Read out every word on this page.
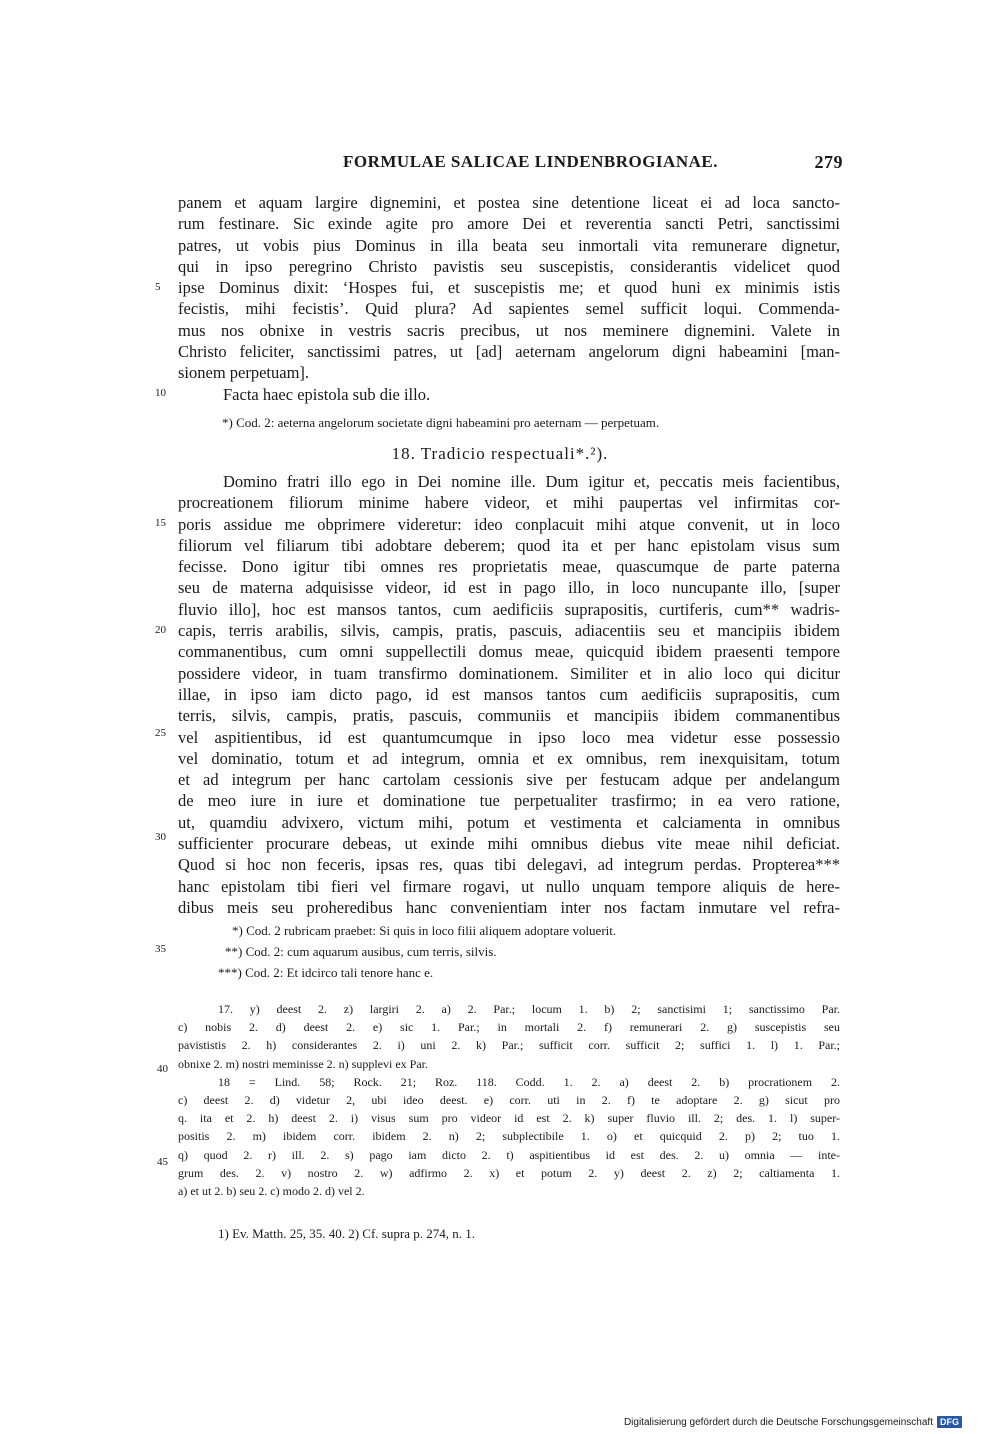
FORMULAE SALICAE LINDENBROGIANAE.	279
panem et aquam largire dignemini, et postea sine detentione liceat ei ad loca sancto-
rum festinare. Sic exinde agite pro amore Dei et reverentia sancti Petri, sanctissimi
patres, ut vobis pius Dominus in illa beata seu inmortali vita remunerare dignetur,
qui in ipso peregrino Christo pavistis seu suscepistis, considerantis videlicet quod
ipse Dominus dixit: ‘Hospes fui, et suscepistis me; et quod huni ex minimis istis
fecistis, mihi fecistis’. Quid plura? Ad sapientes semel sufficit loqui. Commenda-
mus nos obnixe in vestris sacris precibus, ut nos meminere dignemini. Valete in
Christo feliciter, sanctissimi patres, ut [ad] aeternam angelorum digni habeamini [man-
sionem perpetuam].
Facta haec epistola sub die illo.
5
10
*) Cod. 2: aeterna angelorum societate digni habeamini pro aeternam — perpetuam.
18. Tradicio respectuali*.²).
Domino fratri illo ego in Dei nomine ille. Dum igitur et, peccatis meis facientibus,
procreationem filiorum minime habere videor, et mihi paupertas vel infirmitas cor-
poris assidue me obprimere videretur: ideo conplacuit mihi atque convenit, ut in loco
filiorum vel filiarum tibi adobtare deberem; quod ita et per hanc epistolam visus sum
fecisse. Dono igitur tibi omnes res proprietatis meae, quascumque de parte paterna
seu de materna adquisisse videor, id est in pago illo, in loco nuncupante illo, [super
fluvio illo], hoc est mansos tantos, cum aedificiis suprapositis, curtiferis, cum** wadris-
capis, terris arabilis, silvis, campis, pratis, pascuis, adiacentiis seu et mancipiis ibidem
commanentibus, cum omni suppellectili domus meae, quicquid ibidem praesenti tempore
possidere videor, in tuam transfirmo dominationem. Similiter et in alio loco qui dicitur
illae, in ipso iam dicto pago, id est mansos tantos cum aedificiis suprapositis, cum
terris, silvis, campis, pratis, pascuis, communiis et mancipiis ibidem commanentibus
vel aspitientibus, id est quantumcumque in ipso loco mea videtur esse possessio
vel dominatio, totum et ad integrum, omnia et ex omnibus, rem inexquisitam, totum
et ad integrum per hanc cartolam cessionis sive per festucam adque per andelangum
de meo iure in iure et dominatione tue perpetualiter trasfirmo; in ea vero ratione,
ut, quamdiu advixero, victum mihi, potum et vestimenta et calciamenta in omnibus
sufficienter procurare debeas, ut exinde mihi omnibus diebus vite meae nihil deficiat.
Quod si hoc non feceris, ipsas res, quas tibi delegavi, ad integrum perdas. Propterea***
hanc epistolam tibi fieri vel firmare rogavi, ut nullo unquam tempore aliquis de here-
dibus meis seu proheredibus hanc convenientiam inter nos factam inmutare vel refra-
15
20
25
30
*) Cod. 2 rubricam praebet: Si quis in loco filii aliquem adoptare voluerit.
**) Cod. 2: cum aquarum ausibus, cum terris, silvis.
***) Cod. 2: Et idcirco tali tenore hanc e.
35
17. y) deest 2. z) largiri 2. a) 2. Par.; locum 1. b) 2; sanctisimi 1; sanctissimo Par.
c) nobis 2. d) deest 2. e) sic 1. Par.; in mortali 2. f) remunerari 2. g) suscepistis seu
pavististis 2. h) considerantes 2. i) uni 2. k) Par.; sufficit corr. sufficit 2; suffici 1. l) 1. Par.;
obnixe 2. m) nostri meminisse 2. n) supplevi ex Par.
18 = Lind. 58; Rock. 21; Roz. 118. Codd. 1. 2. a) deest 2. b) procrationem 2.
c) deest 2. d) videtur 2, ubi ideo deest. e) corr. uti in 2. f) te adoptare 2. g) sicut pro
q. ita et 2. h) deest 2. i) visus sum pro videor id est 2. k) super fluvio ill. 2; des. 1. l) super-
positis 2. m) ibidem corr. ibidem 2. n) 2; subplectibile 1. o) et quicquid 2. p) 2; tuo 1.
q) quod 2. r) ill. 2. s) pago iam dicto 2. t) aspitientibus id est des. 2. u) omnia — inte-
grum des. 2. v) nostro 2. w) adfirmo 2. x) et potum 2. y) deest 2. z) 2; caltiamenta 1.
a) et ut 2. b) seu 2. c) modo 2. d) vel 2.
40
45
1) Ev. Matth. 25, 35. 40. 2) Cf. supra p. 274, n. 1.
Digitalisierung gefördert durch die Deutsche Forschungsgemeinschaft DFG
